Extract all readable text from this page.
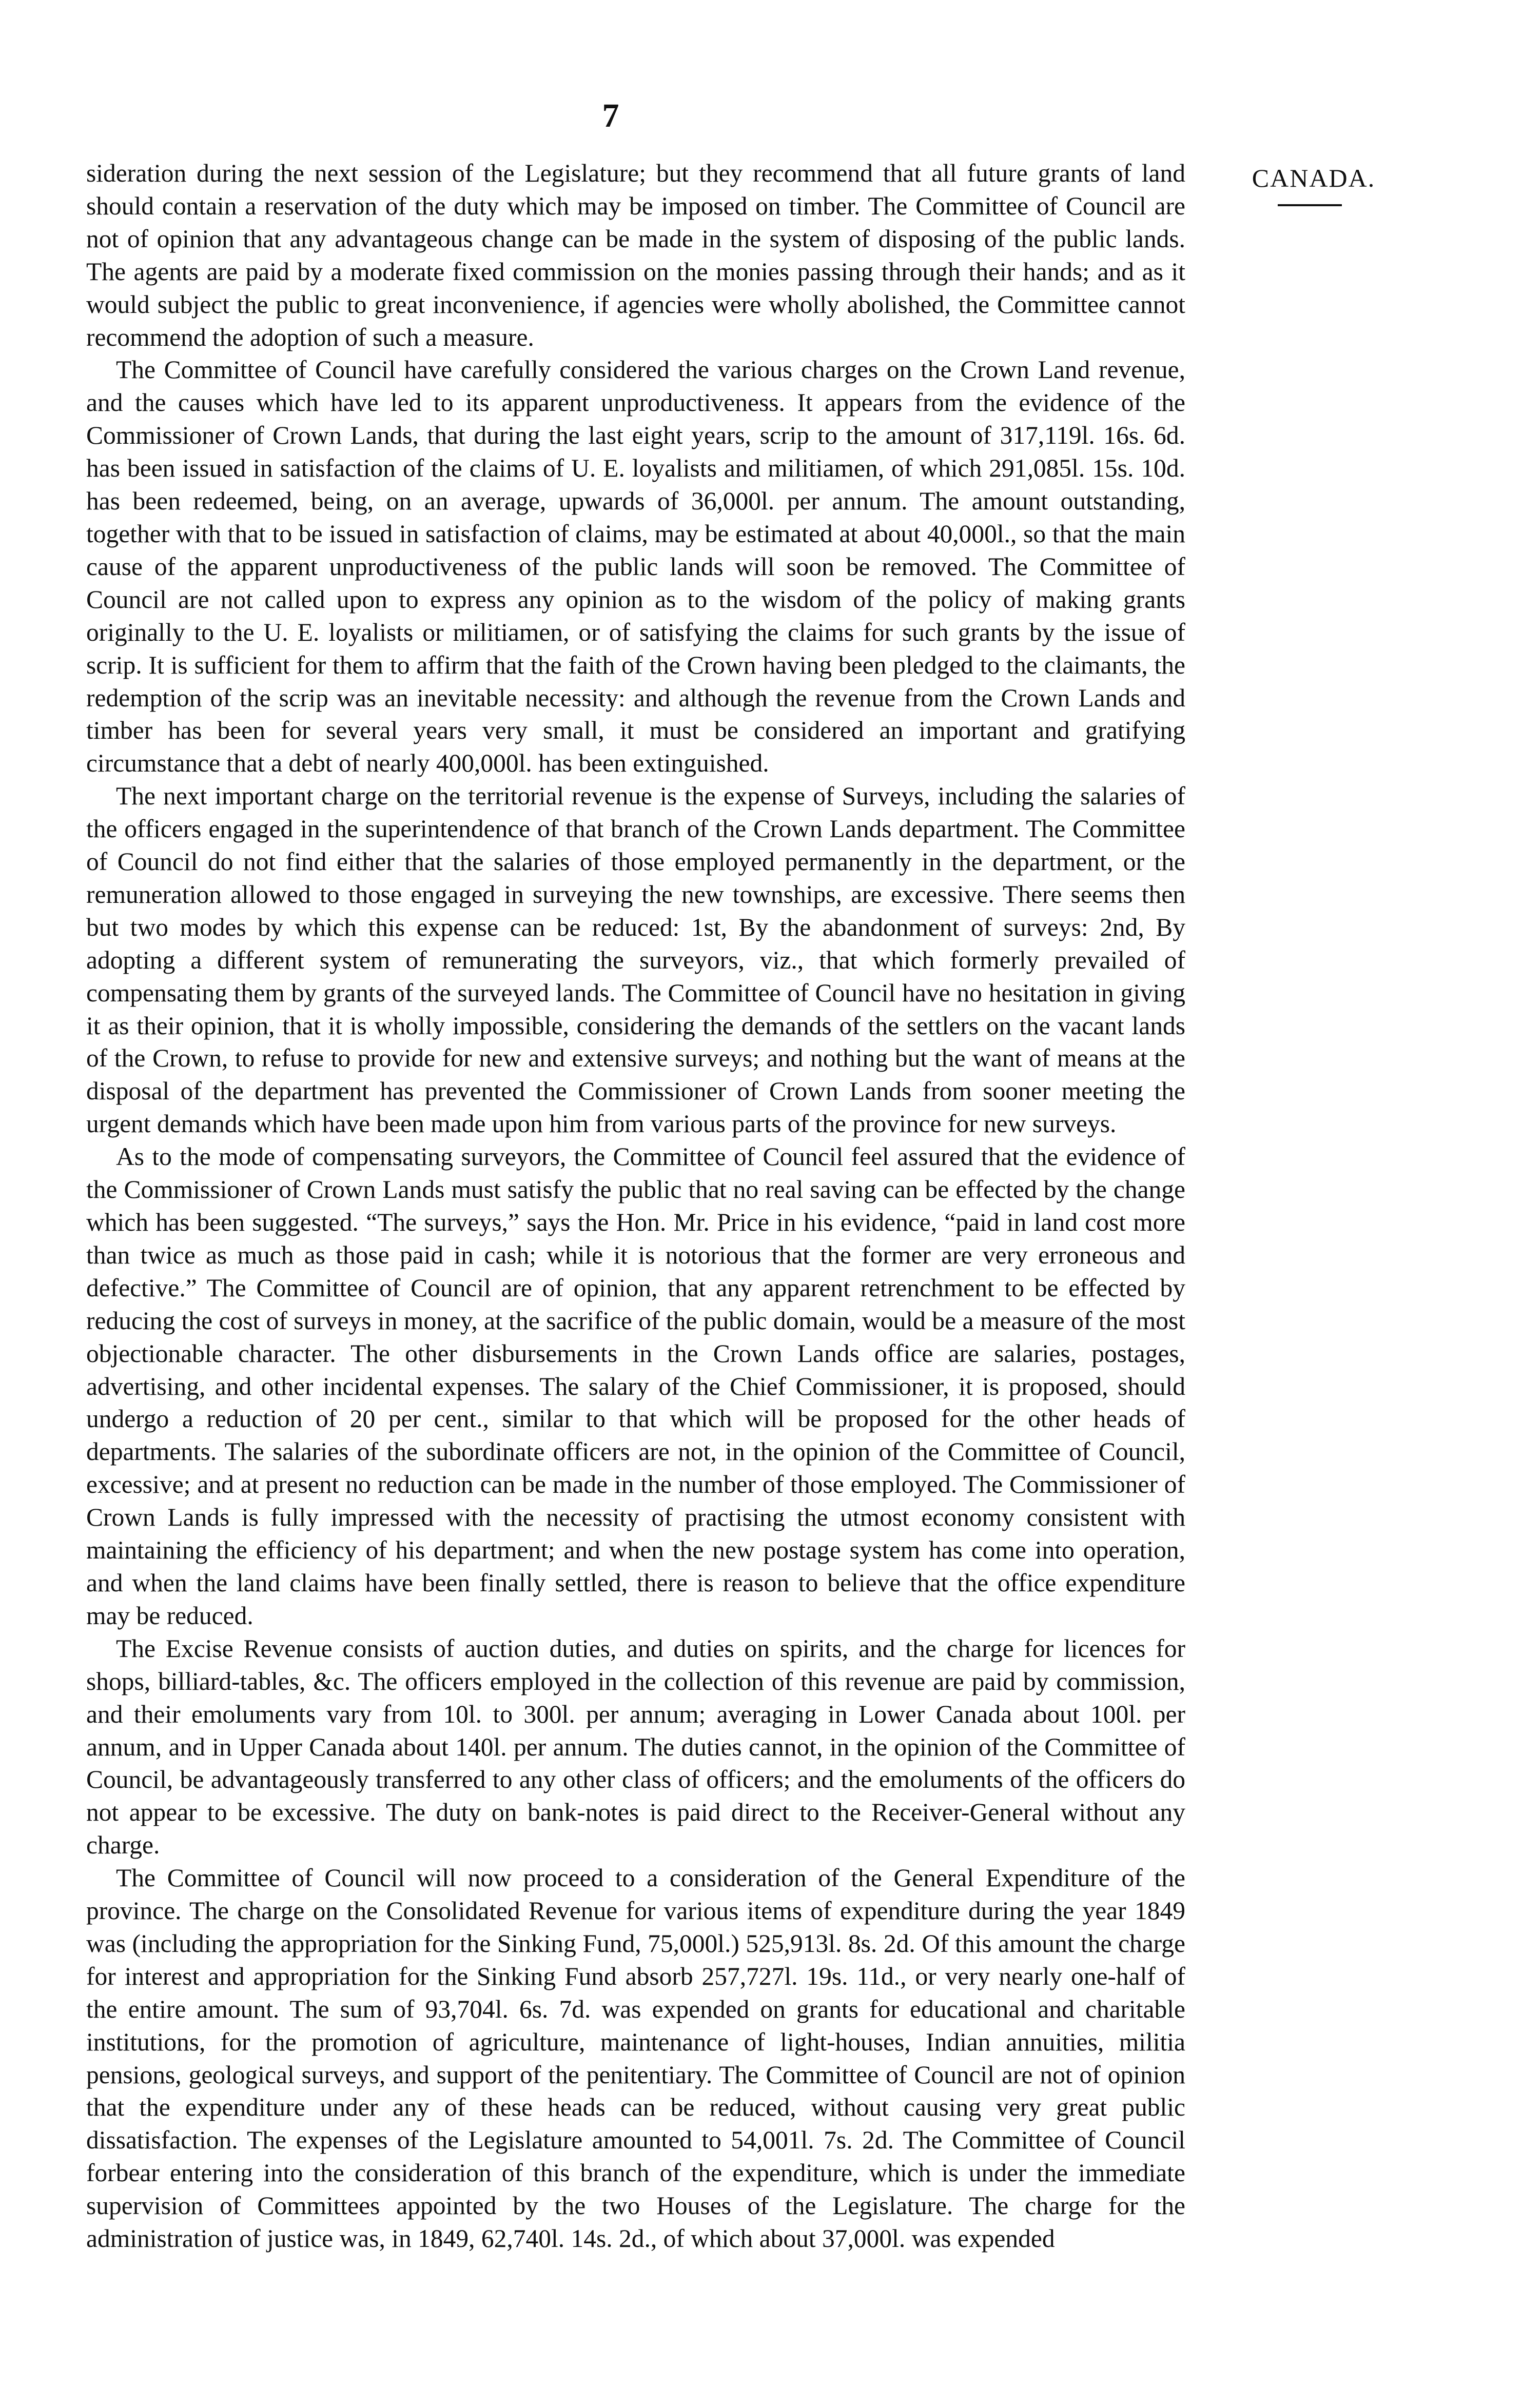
7
CANADA.

sideration during the next session of the Legislature; but they recommend that all future grants of land should contain a reservation of the duty which may be imposed on timber. The Committee of Council are not of opinion that any advantageous change can be made in the system of disposing of the public lands. The agents are paid by a moderate fixed commission on the monies passing through their hands; and as it would subject the public to great inconvenience, if agencies were wholly abolished, the Committee cannot recommend the adoption of such a measure.

The Committee of Council have carefully considered the various charges on the Crown Land revenue, and the causes which have led to its apparent unproductiveness. It appears from the evidence of the Commissioner of Crown Lands, that during the last eight years, scrip to the amount of 317,119l. 16s. 6d. has been issued in satisfaction of the claims of U. E. loyalists and militiamen, of which 291,085l. 15s. 10d. has been redeemed, being, on an average, upwards of 36,000l. per annum. The amount outstanding, together with that to be issued in satisfaction of claims, may be estimated at about 40,000l., so that the main cause of the apparent unproductiveness of the public lands will soon be removed. The Committee of Council are not called upon to express any opinion as to the wisdom of the policy of making grants originally to the U. E. loyalists or militiamen, or of satisfying the claims for such grants by the issue of scrip. It is sufficient for them to affirm that the faith of the Crown having been pledged to the claimants, the redemption of the scrip was an inevitable necessity: and although the revenue from the Crown Lands and timber has been for several years very small, it must be considered an important and gratifying circumstance that a debt of nearly 400,000l. has been extinguished.

The next important charge on the territorial revenue is the expense of Surveys, including the salaries of the officers engaged in the superintendence of that branch of the Crown Lands department. The Committee of Council do not find either that the salaries of those employed permanently in the department, or the remuneration allowed to those engaged in surveying the new townships, are excessive. There seems then but two modes by which this expense can be reduced: 1st, By the abandonment of surveys: 2nd, By adopting a different system of remunerating the surveyors, viz., that which formerly prevailed of compensating them by grants of the surveyed lands. The Committee of Council have no hesitation in giving it as their opinion, that it is wholly impossible, considering the demands of the settlers on the vacant lands of the Crown, to refuse to provide for new and extensive surveys; and nothing but the want of means at the disposal of the department has prevented the Commissioner of Crown Lands from sooner meeting the urgent demands which have been made upon him from various parts of the province for new surveys.

As to the mode of compensating surveyors, the Committee of Council feel assured that the evidence of the Commissioner of Crown Lands must satisfy the public that no real saving can be effected by the change which has been suggested. “The surveys,” says the Hon. Mr. Price in his evidence, “paid in land cost more than twice as much as those paid in cash; while it is notorious that the former are very erroneous and defective.” The Committee of Council are of opinion, that any apparent retrenchment to be effected by reducing the cost of surveys in money, at the sacrifice of the public domain, would be a measure of the most objectionable character. The other disbursements in the Crown Lands office are salaries, postages, advertising, and other incidental expenses. The salary of the Chief Commissioner, it is proposed, should undergo a reduction of 20 per cent., similar to that which will be proposed for the other heads of departments. The salaries of the subordinate officers are not, in the opinion of the Committee of Council, excessive; and at present no reduction can be made in the number of those employed. The Commissioner of Crown Lands is fully impressed with the necessity of practising the utmost economy consistent with maintaining the efficiency of his department; and when the new postage system has come into operation, and when the land claims have been finally settled, there is reason to believe that the office expenditure may be reduced.

The Excise Revenue consists of auction duties, and duties on spirits, and the charge for licences for shops, billiard-tables, &c. The officers employed in the collection of this revenue are paid by commission, and their emoluments vary from 10l. to 300l. per annum; averaging in Lower Canada about 100l. per annum, and in Upper Canada about 140l. per annum. The duties cannot, in the opinion of the Committee of Council, be advantageously transferred to any other class of officers; and the emoluments of the officers do not appear to be excessive. The duty on bank-notes is paid direct to the Receiver-General without any charge.

The Committee of Council will now proceed to a consideration of the General Expenditure of the province. The charge on the Consolidated Revenue for various items of expenditure during the year 1849 was (including the appropriation for the Sinking Fund, 75,000l.) 525,913l. 8s. 2d. Of this amount the charge for interest and appropriation for the Sinking Fund absorb 257,727l. 19s. 11d., or very nearly one-half of the entire amount. The sum of 93,704l. 6s. 7d. was expended on grants for educational and charitable institutions, for the promotion of agriculture, maintenance of light-houses, Indian annuities, militia pensions, geological surveys, and support of the penitentiary. The Committee of Council are not of opinion that the expenditure under any of these heads can be reduced, without causing very great public dissatisfaction. The expenses of the Legislature amounted to 54,001l. 7s. 2d. The Committee of Council forbear entering into the consideration of this branch of the expenditure, which is under the immediate supervision of Committees appointed by the two Houses of the Legislature. The charge for the administration of justice was, in 1849, 62,740l. 14s. 2d., of which about 37,000l. was expended
